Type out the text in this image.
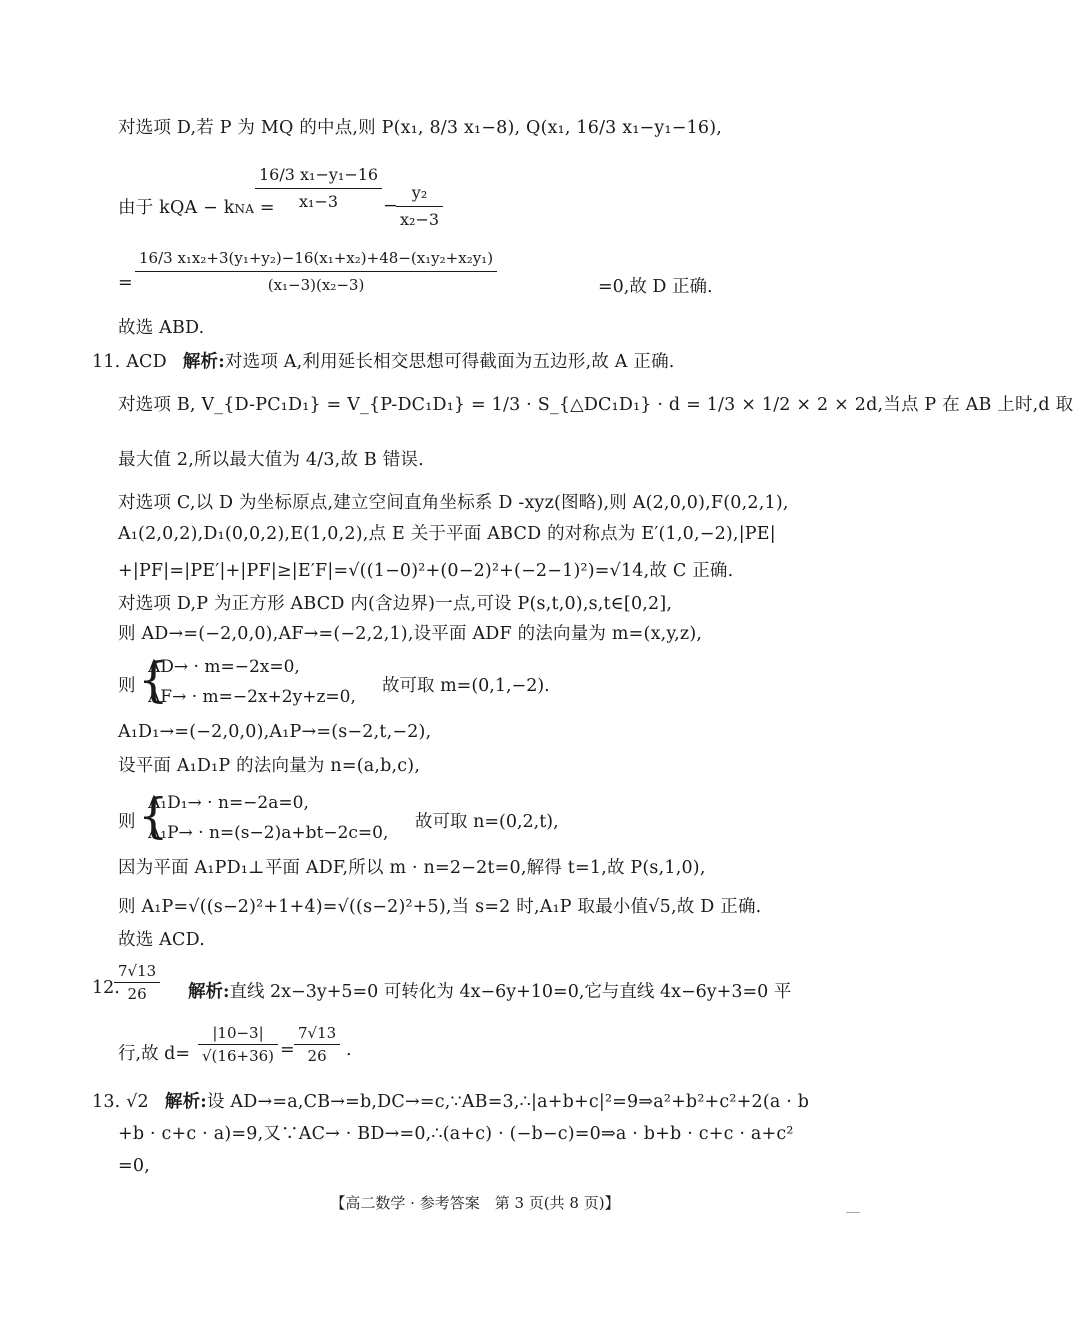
对选项 D,若 P 为 MQ 的中点,则 P(x₁, 8/3 x₁−8), Q(x₁, 16/3 x₁−y₁−16),
由于 kQA − kNA =
$\frac{\text{16/3 x₁−y₁−16}}{\text{x₁−3}}$ −
$\frac{\text{y₂}}{\text{x₂−3}}$
= $\frac{\text{16/3 x₁x₂+3(y₁+y₂)−16(x₁+x₂)+48−(x₁y₂+x₂y₁)}}{\text{(x₁−3)(x₂−3)}}$	=0,故 D 正确.
故选 ABD.
11. ACD 解析:对选项 A,利用延长相交思想可得截面为五边形,故 A 正确.
对选项 B, V_{D-PC₁D₁} = V_{P-DC₁D₁} = 1/3 · S_{△DC₁D₁} · d = 1/3 × 1/2 × 2 × 2d,当点 P 在 AB 上时,d 取
最大值 2,所以最大值为 4/3,故 B 错误.
对选项 C,以 D 为坐标原点,建立空间直角坐标系 D -xyz(图略),则 A(2,0,0),F(0,2,1),
A₁(2,0,2),D₁(0,0,2),E(1,0,2),点 E 关于平面 ABCD 的对称点为 E′(1,0,−2),|PE|
+|PF|=|PE′|+|PF|≥|E′F|=√((1−0)²+(0−2)²+(−2−1)²)=√14,故 C 正确.
对选项 D,P 为正方形 ABCD 内(含边界)一点,可设 P(s,t,0),s,t∈[0,2],
则 AD→=(−2,0,0),AF→=(−2,2,1),设平面 ADF 的法向量为 m=(x,y,z),
则 {
AD→ · m=−2x=0,
AF→ · m=−2x+2y+z=0,
故可取 m=(0,1,−2).
A₁D₁→=(−2,0,0),A₁P→=(s−2,t,−2),
设平面 A₁D₁P 的法向量为 n=(a,b,c),
则 {
A₁D₁→ · n=−2a=0,
A₁P→ · n=(s−2)a+bt−2c=0,
故可取 n=(0,2,t),
因为平面 A₁PD₁⊥平面 ADF,所以 m · n=2−2t=0,解得 t=1,故 P(s,1,0),
则 A₁P=√((s−2)²+1+4)=√((s−2)²+5),当 s=2 时,A₁P 取最小值√5,故 D 正确.
故选 ACD.
12.
$\frac{7√13}{26}$ 解析:直线 2x−3y+5=0 可转化为 4x−6y+10=0,它与直线 4x−6y+3=0 平
行,故 $d= \frac{|10-3|}{√(16+36)} = \frac{7√13}{26}$ .
13. √2 解析:设 AD→=a,CB→=b,DC→=c,∵AB=3,∴|a+b+c|²=9⇒a²+b²+c²+2(a · b
+b · c+c · a)=9,又∵AC→ · BD→=0,∴(a+c) · (−b−c)=0⇒a · b+b · c+c · a+c²
=0,
【高二数学 · 参考答案　第 3 页(共 8 页)】
